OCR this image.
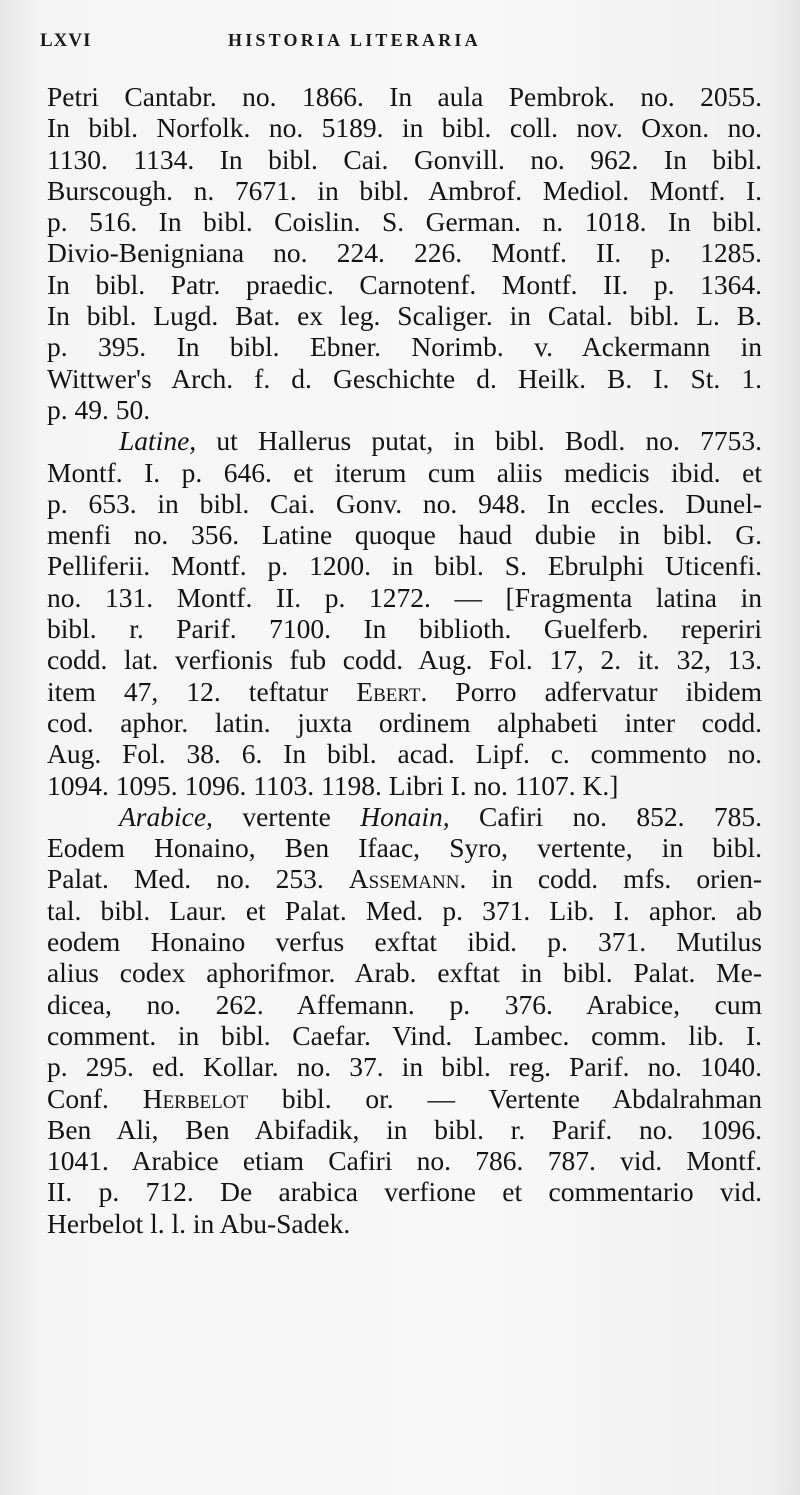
LXVI	HISTORIA LITERARIA
Petri Cantabr. no. 1866. In aula Pembrok. no. 2055.
In bibl. Norfolk. no. 5189. in bibl. coll. nov. Oxon. no.
1130. 1134. In bibl. Cai. Gonvill. no. 962. In bibl.
Burscough. n. 7671. in bibl. Ambrof. Mediol. Montf. I.
p. 516. In bibl. Coislin. S. German. n. 1018. In bibl.
Divio-Benigniana no. 224. 226. Montf. II. p. 1285.
In bibl. Patr. praedic. Carnotenf. Montf. II. p. 1364.
In bibl. Lugd. Bat. ex leg. Scaliger. in Catal. bibl. L. B.
p. 395. In bibl. Ebner. Norimb. v. Ackermann in
Wittwer's Arch. f. d. Geschichte d. Heilk. B. I. St. 1.
p. 49. 50.
Latine, ut Hallerus putat, in bibl. Bodl. no. 7753.
Montf. I. p. 646. et iterum cum aliis medicis ibid. et
p. 653. in bibl. Cai. Gonv. no. 948. In eccles. Dunel-
menfi no. 356. Latine quoque haud dubie in bibl. G.
Pelliferii. Montf. p. 1200. in bibl. S. Ebrulphi Uticenfi.
no. 131. Montf. II. p. 1272. — [Fragmenta latina in
bibl. r. Parif. 7100. In biblioth. Guelferb. reperiri
codd. lat. verfionis fub codd. Aug. Fol. 17, 2. it. 32, 13.
item 47, 12. teftatur Ebert. Porro adfervatur ibidem
cod. aphor. latin. juxta ordinem alphabeti inter codd.
Aug. Fol. 38. 6. In bibl. acad. Lipf. c. commento no.
1094. 1095. 1096. 1103. 1198. Libri I. no. 1107. K.]
Arabice, vertente Honain, Cafiri no. 852. 785.
Eodem Honaino, Ben Ifaac, Syro, vertente, in bibl.
Palat. Med. no. 253. Assemann. in codd. mfs. orien-
tal. bibl. Laur. et Palat. Med. p. 371. Lib. I. aphor. ab
eodem Honaino verfus exftat ibid. p. 371. Mutilus
alius codex aphorifmor. Arab. exftat in bibl. Palat. Me-
dicea, no. 262. Affemann. p. 376. Arabice, cum
comment. in bibl. Caefar. Vind. Lambec. comm. lib. I.
p. 295. ed. Kollar. no. 37. in bibl. reg. Parif. no. 1040.
Conf. Herbelot bibl. or. — Vertente Abdalrahman
Ben Ali, Ben Abifadik, in bibl. r. Parif. no. 1096.
1041. Arabice etiam Cafiri no. 786. 787. vid. Montf.
II. p. 712. De arabica verfione et commentario vid.
Herbelot l. l. in Abu-Sadek.
